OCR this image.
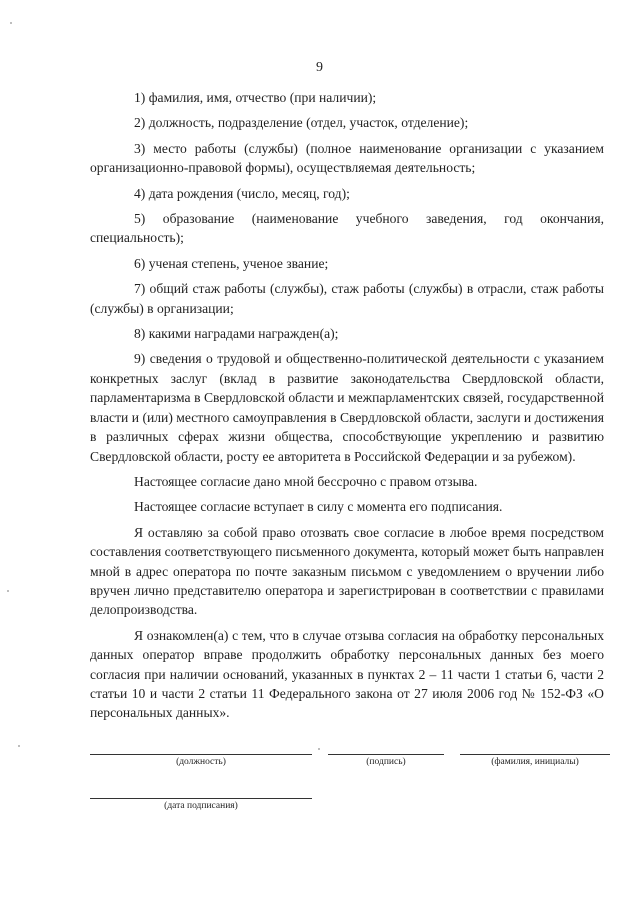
9

1) фамилия, имя, отчество (при наличии);

2) должность, подразделение (отдел, участок, отделение);

3) место работы (службы) (полное наименование организации с указанием организационно-правовой формы), осуществляемая деятельность;

4) дата рождения (число, месяц, год);

5) образование (наименование учебного заведения, год окончания, специальность);

6) ученая степень, ученое звание;

7) общий стаж работы (службы), стаж работы (службы) в отрасли, стаж работы (службы) в организации;

8) какими наградами награжден(а);

9) сведения о трудовой и общественно-политической деятельности с указанием конкретных заслуг (вклад в развитие законодательства Свердловской области, парламентаризма в Свердловской области и межпарламентских связей, государственной власти и (или) местного самоуправления в Свердловской области, заслуги и достижения в различных сферах жизни общества, способствующие укреплению и развитию Свердловской области, росту ее авторитета в Российской Федерации и за рубежом).

Настоящее согласие дано мной бессрочно с правом отзыва.

Настоящее согласие вступает в силу с момента его подписания.

Я оставляю за собой право отозвать свое согласие в любое время посредством составления соответствующего письменного документа, который может быть направлен мной в адрес оператора по почте заказным письмом с уведомлением о вручении либо вручен лично представителю оператора и зарегистрирован в соответствии с правилами делопроизводства.

Я ознакомлен(а) с тем, что в случае отзыва согласия на обработку персональных данных оператор вправе продолжить обработку персональных данных без моего согласия при наличии оснований, указанных в пунктах 2 – 11 части 1 статьи 6, части 2 статьи 10 и части 2 статьи 11 Федерального закона от 27 июля 2006 год № 152-ФЗ «О персональных данных».

(должность)	(подпись)	(фамилия, инициалы)
(дата подписания)
